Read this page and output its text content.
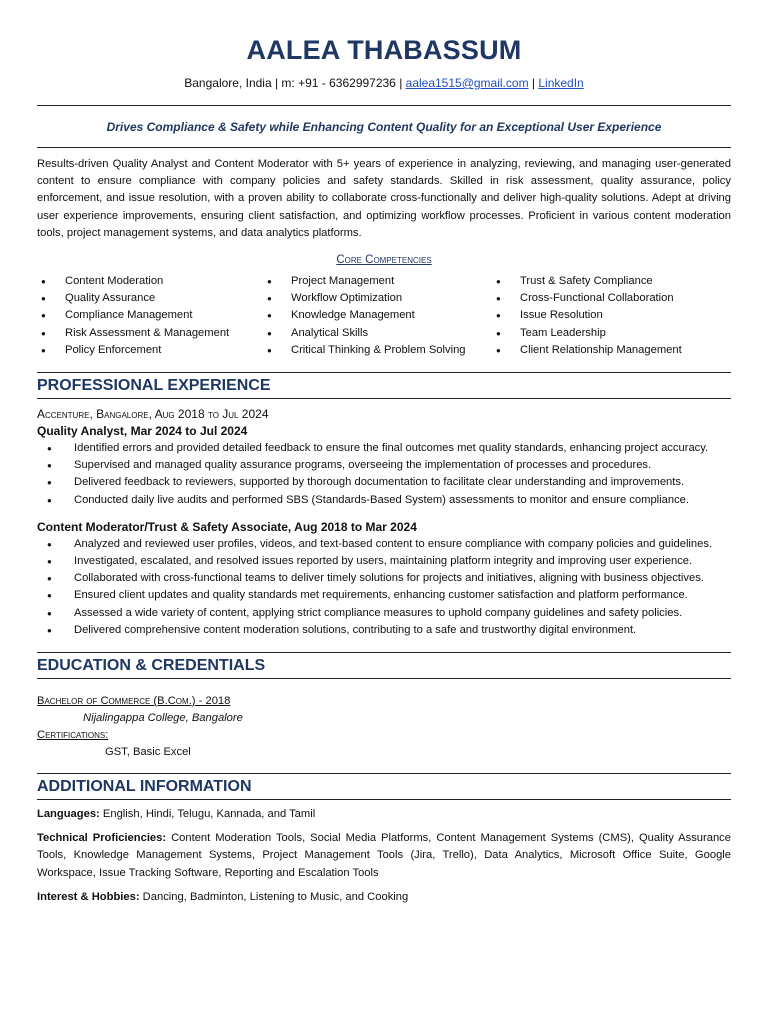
AALEA THABASSUM
Bangalore, India | m: +91 - 6362997236 | aalea1515@gmail.com | LinkedIn
Drives Compliance & Safety while Enhancing Content Quality for an Exceptional User Experience
Results-driven Quality Analyst and Content Moderator with 5+ years of experience in analyzing, reviewing, and managing user-generated content to ensure compliance with company policies and safety standards. Skilled in risk assessment, quality assurance, policy enforcement, and issue resolution, with a proven ability to collaborate cross-functionally and deliver high-quality solutions. Adept at driving user experience improvements, ensuring client satisfaction, and optimizing workflow processes. Proficient in various content moderation tools, project management systems, and data analytics platforms.
Core Competencies
● Content Moderation
● Quality Assurance
● Compliance Management
● Risk Assessment & Management
● Policy Enforcement
● Project Management
● Workflow Optimization
● Knowledge Management
● Analytical Skills
● Critical Thinking & Problem Solving
● Trust & Safety Compliance
● Cross-Functional Collaboration
● Issue Resolution
● Team Leadership
● Client Relationship Management
PROFESSIONAL EXPERIENCE
Accenture, Bangalore, Aug 2018 to Jul 2024
Quality Analyst, Mar 2024 to Jul 2024
● Identified errors and provided detailed feedback to ensure the final outcomes met quality standards, enhancing project accuracy.
● Supervised and managed quality assurance programs, overseeing the implementation of processes and procedures.
● Delivered feedback to reviewers, supported by thorough documentation to facilitate clear understanding and improvements.
● Conducted daily live audits and performed SBS (Standards-Based System) assessments to monitor and ensure compliance.
Content Moderator/Trust & Safety Associate, Aug 2018 to Mar 2024
● Analyzed and reviewed user profiles, videos, and text-based content to ensure compliance with company policies and guidelines.
● Investigated, escalated, and resolved issues reported by users, maintaining platform integrity and improving user experience.
● Collaborated with cross-functional teams to deliver timely solutions for projects and initiatives, aligning with business objectives.
● Ensured client updates and quality standards met requirements, enhancing customer satisfaction and platform performance.
● Assessed a wide variety of content, applying strict compliance measures to uphold company guidelines and safety policies.
● Delivered comprehensive content moderation solutions, contributing to a safe and trustworthy digital environment.
EDUCATION & CREDENTIALS
Bachelor of Commerce (B.Com.) - 2018
Nijalingappa College, Bangalore
Certifications:
GST, Basic Excel
ADDITIONAL INFORMATION
Languages: English, Hindi, Telugu, Kannada, and Tamil
Technical Proficiencies: Content Moderation Tools, Social Media Platforms, Content Management Systems (CMS), Quality Assurance Tools, Knowledge Management Systems, Project Management Tools (Jira, Trello), Data Analytics, Microsoft Office Suite, Google Workspace, Issue Tracking Software, Reporting and Escalation Tools
Interest & Hobbies: Dancing, Badminton, Listening to Music, and Cooking
